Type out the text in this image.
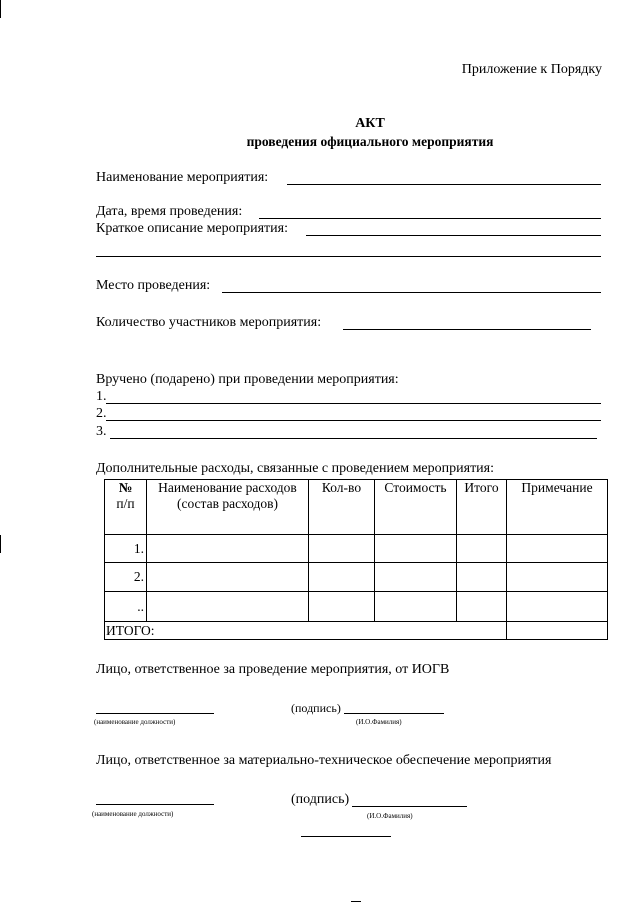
Приложение к Порядку
АКТ
проведения официального мероприятия
Наименование мероприятия:
Дата, время проведения:
Краткое описание мероприятия:
Место проведения:
Количество участников мероприятия:
Вручено (подарено) при проведении мероприятия:
1.
2.
3.
Дополнительные расходы, связанные с проведением мероприятия:
№
п/п	Наименование расходов (состав расходов)	Кол-во	Стоимость	Итого	Примечание
1.					
2.					
..					
ИТОГО:					
Лицо, ответственное за проведение мероприятия, от ИОГВ
(наименование должности)
(подпись)
(И.О.Фамилия)
Лицо, ответственное за материально-техническое обеспечение мероприятия
(наименование должности)
(подпись)
(И.О.Фамилия)
